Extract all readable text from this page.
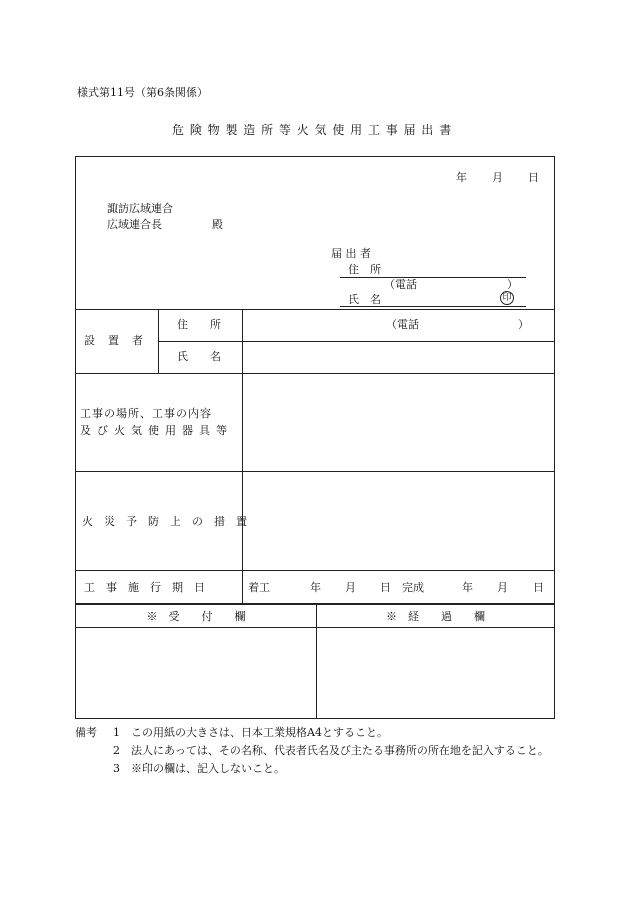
様式第11号（第6条関係）
危 険 物 製 造 所 等 火 気 使 用 工 事 届 出 書
年 月 日
諏訪広域連合
広域連合長	殿
届 出 者
住　所
（電話	）
氏　名	印
設　置　者
住　　所	（電話	）
氏　　名
工事の場所、工事の内容
及び火気使用器具等
火　災　予　防　上　の　措　置
工　事　施　行　期　日	着工	年 月 日 完成	年 月 日
※　受　　付　　欄	※　経　　過　　欄
備考 1 この用紙の大きさは、日本工業規格A4とすること。
2 法人にあっては、その名称、代表者氏名及び主たる事務所の所在地を記入すること。
3 ※印の欄は、記入しないこと。
